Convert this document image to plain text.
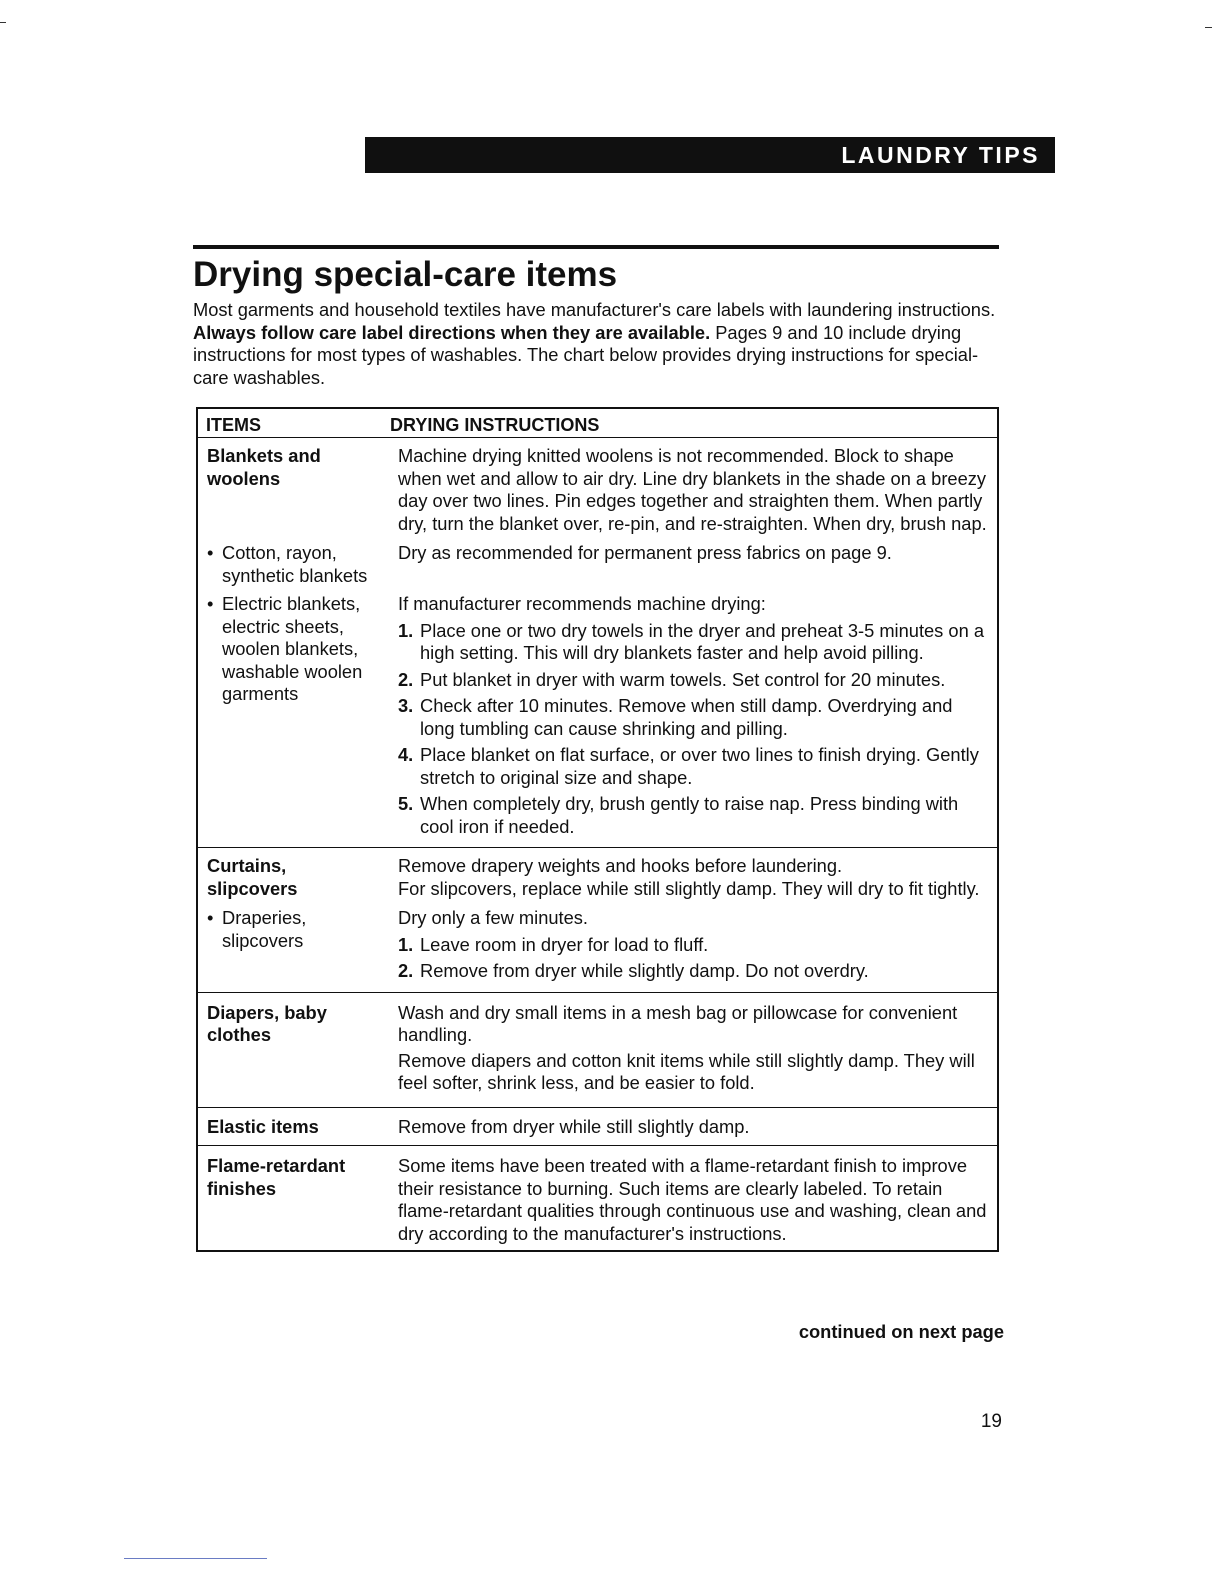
LAUNDRY TIPS
Drying special-care items

Most garments and household textiles have manufacturer's care labels with laundering instructions. Always follow care label directions when they are available. Pages 9 and 10 include drying instructions for most types of washables. The chart below provides drying instructions for special-care washables.

ITEMS	DRYING INSTRUCTIONS
Blankets and woolens

Machine drying knitted woolens is not recommended. Block to shape when wet and allow to air dry. Line dry blankets in the shade on a breezy day over two lines. Pin edges together and straighten them. When partly dry, turn the blanket over, re-pin, and re-straighten. When dry, brush nap.

• Cotton, rayon, synthetic blankets

Dry as recommended for permanent press fabrics on page 9.

• Electric blankets, electric sheets, woolen blankets, washable woolen garments

If manufacturer recommends machine drying:

1. Place one or two dry towels in the dryer and preheat 3-5 minutes on a high setting. This will dry blankets faster and help avoid pilling.
2. Put blanket in dryer with warm towels. Set control for 20 minutes.
3. Check after 10 minutes. Remove when still damp. Overdrying and long tumbling can cause shrinking and pilling.
4. Place blanket on flat surface, or over two lines to finish drying. Gently stretch to original size and shape.
5. When completely dry, brush gently to raise nap. Press binding with cool iron if needed.
Curtains, slipcovers
Remove drapery weights and hooks before laundering.

For slipcovers, replace while still slightly damp. They will dry to fit tightly.

• Draperies, slipcovers

Dry only a few minutes.

1. Leave room in dryer for load to fluff.
2. Remove from dryer while slightly damp. Do not overdry.
Diapers, baby clothes

Wash and dry small items in a mesh bag or pillowcase for convenient handling.

Remove diapers and cotton knit items while still slightly damp. They will feel softer, shrink less, and be easier to fold.

Elastic items	Remove from dryer while still slightly damp.
Flame-retardant finishes
Some items have been treated with a flame-retardant finish to improve their resistance to burning. Such items are clearly labeled. To retain flame-retardant qualities through continuous use and washing, clean and dry according to the manufacturer's instructions.
continued on next page
19
